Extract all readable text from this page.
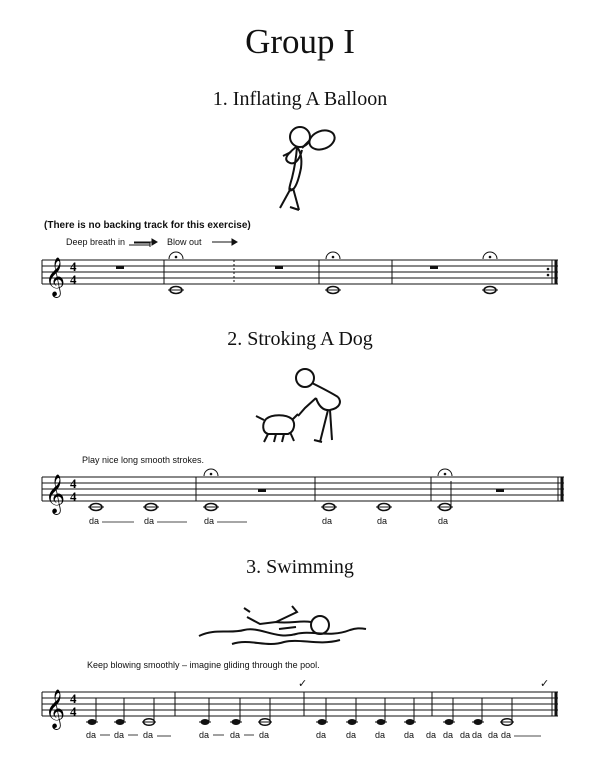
Group I
1. Inflating A Balloon
(There is no backing track for this exercise)
Deep breath in	Blow out
2. Stroking A Dog
Play nice long smooth strokes.
3. Swimming
Keep blowing smoothly – imagine gliding through the pool.
𝄞 4
4
𝄞 4
4
da	da	da	da	da	da
𝄞 4
4
✓	✓
da da da	da da da	da da da da da da da da da da
